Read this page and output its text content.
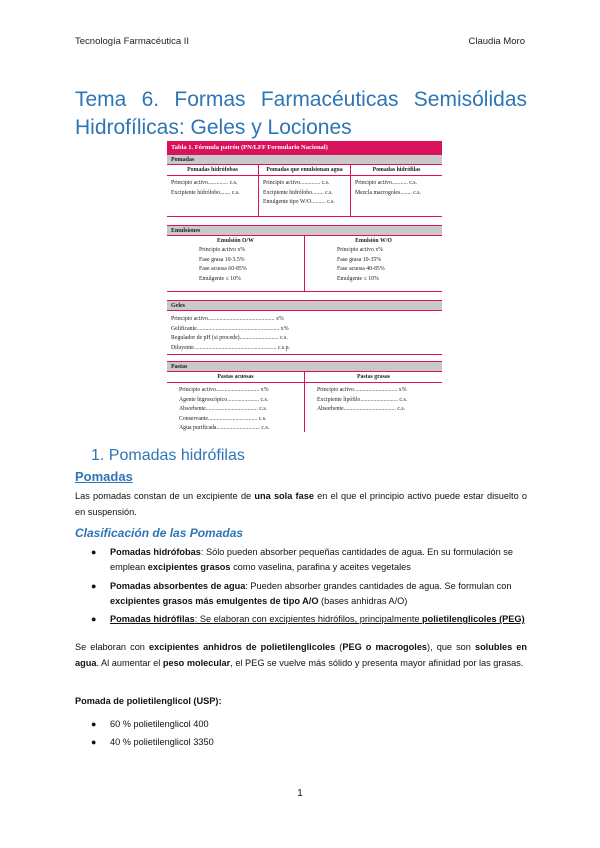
Tecnología Farmacéutica II	Claudia Moro
Tema 6. Formas Farmacéuticas Semisólidas
Hidrofílicas: Geles y Lociones
Tabla 1. Fórmula patrón (PN/LFF Formulario Nacional)
Pomadas
Pomadas hidrófobas
Principio activo.............. c.s.
Excipiente hidrófobo....... c.s.
Pomadas que emulsionan agua
Principio activo.............. c.s.
Excipiente hidrófobo........ c.s.
Emulgente tipo W/O.......... c.s.
Pomadas hidrófilas
Principio activo........... c.s.
Mezcla macrogoles........ c.s.
Emulsiones
Emulsión O/W
Principio activo x%
Fase grasa 10-3.5%
Fase acuosa 60-85%
Emulgente ≤ 10%
Emulsión W/O
Principio activo x%
Fase grasa 10-35%
Fase acuosa 40-85%
Emulgente ≤ 10%
Geles
Principio activo.............................................. x%
Gelificante......................................................... x%
Regulador de pH (si procede)........................... c.s.
Diluyente......................................................... c.s.p.
Pastas
Pastas acuosas
Principio activo.............................. x%
Agente higroscópico...................... c.s.
Absorbente.................................... c.s.
Conservante.................................. c.s.
Agua purificada.............................. c.s.
Pastas grasas
Principio activo.............................. x%
Excipiente lipófilo.......................... c.s.
Absorbente.................................... c.s.
1. Pomadas hidrófilas
Pomadas

Las pomadas constan de un excipiente de una sola fase en el que el principio activo puede estar disuelto o en suspensión.

Clasificación de las Pomadas
● Pomadas hidrófobas: Sólo pueden absorber pequeñas cantidades de agua. En su formulación se emplean excipientes grasos como vaselina, parafina y aceites vegetales
● Pomadas absorbentes de agua: Pueden absorber grandes cantidades de agua. Se formulan con excipientes grasos más emulgentes de tipo A/O (bases anhidras A/O)
● Pomadas hidrófilas: Se elaboran con excipientes hidrófilos, principalmente polietilenglicoles (PEG)

Se elaboran con excipientes anhidros de polietilenglicoles (PEG o macrogoles), que son solubles en agua. Al aumentar el peso molecular, el PEG se vuelve más sólido y presenta mayor afinidad por las grasas.

Pomada de polietilenglicol (USP):

● 60 % polietilenglicol 400
● 40 % polietilenglicol 3350
1
